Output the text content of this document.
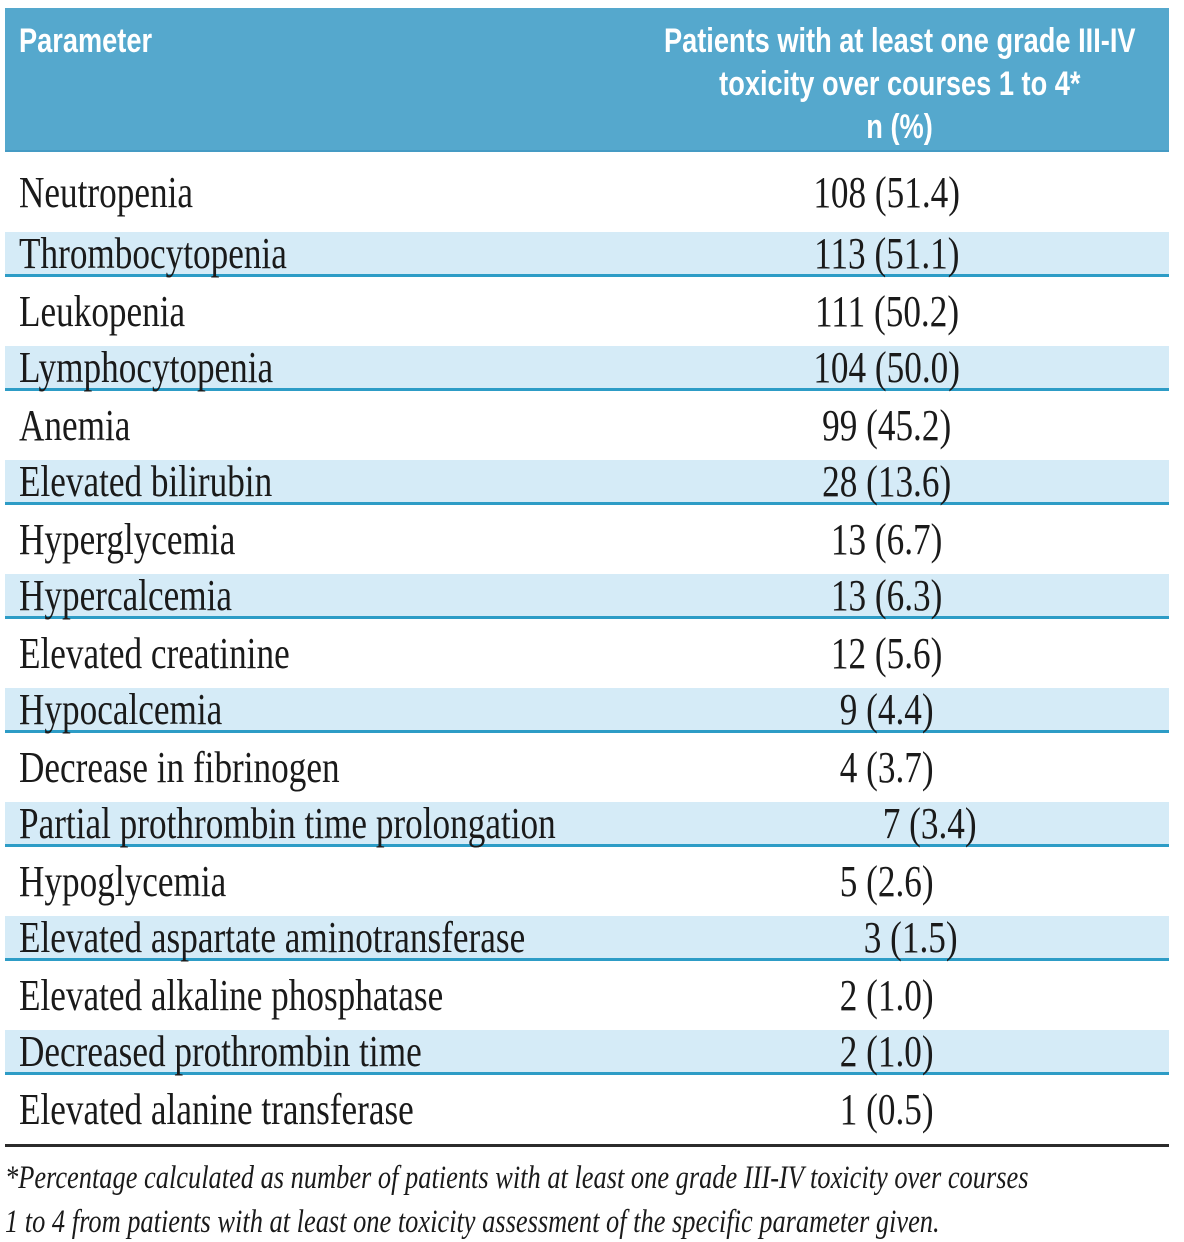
Parameter	Patients with at least one grade III-IV
toxicity over courses 1 to 4*
n (%)
Neutropenia	108 (51.4)
Thrombocytopenia	113 (51.1)
Leukopenia	111 (50.2)
Lymphocytopenia	104 (50.0)
Anemia	99 (45.2)
Elevated bilirubin	28 (13.6)
Hyperglycemia	13 (6.7)
Hypercalcemia	13 (6.3)
Elevated creatinine	12 (5.6)
Hypocalcemia	9 (4.4)
Decrease in fibrinogen	4 (3.7)
Partial prothrombin time prolongation	7 (3.4)
Hypoglycemia	5 (2.6)
Elevated aspartate aminotransferase	3 (1.5)
Elevated alkaline phosphatase	2 (1.0)
Decreased prothrombin time	2 (1.0)
Elevated alanine transferase	1 (0.5)
*Percentage calculated as number of patients with at least one grade III-IV toxicity over courses
1 to 4 from patients with at least one toxicity assessment of the specific parameter given.
